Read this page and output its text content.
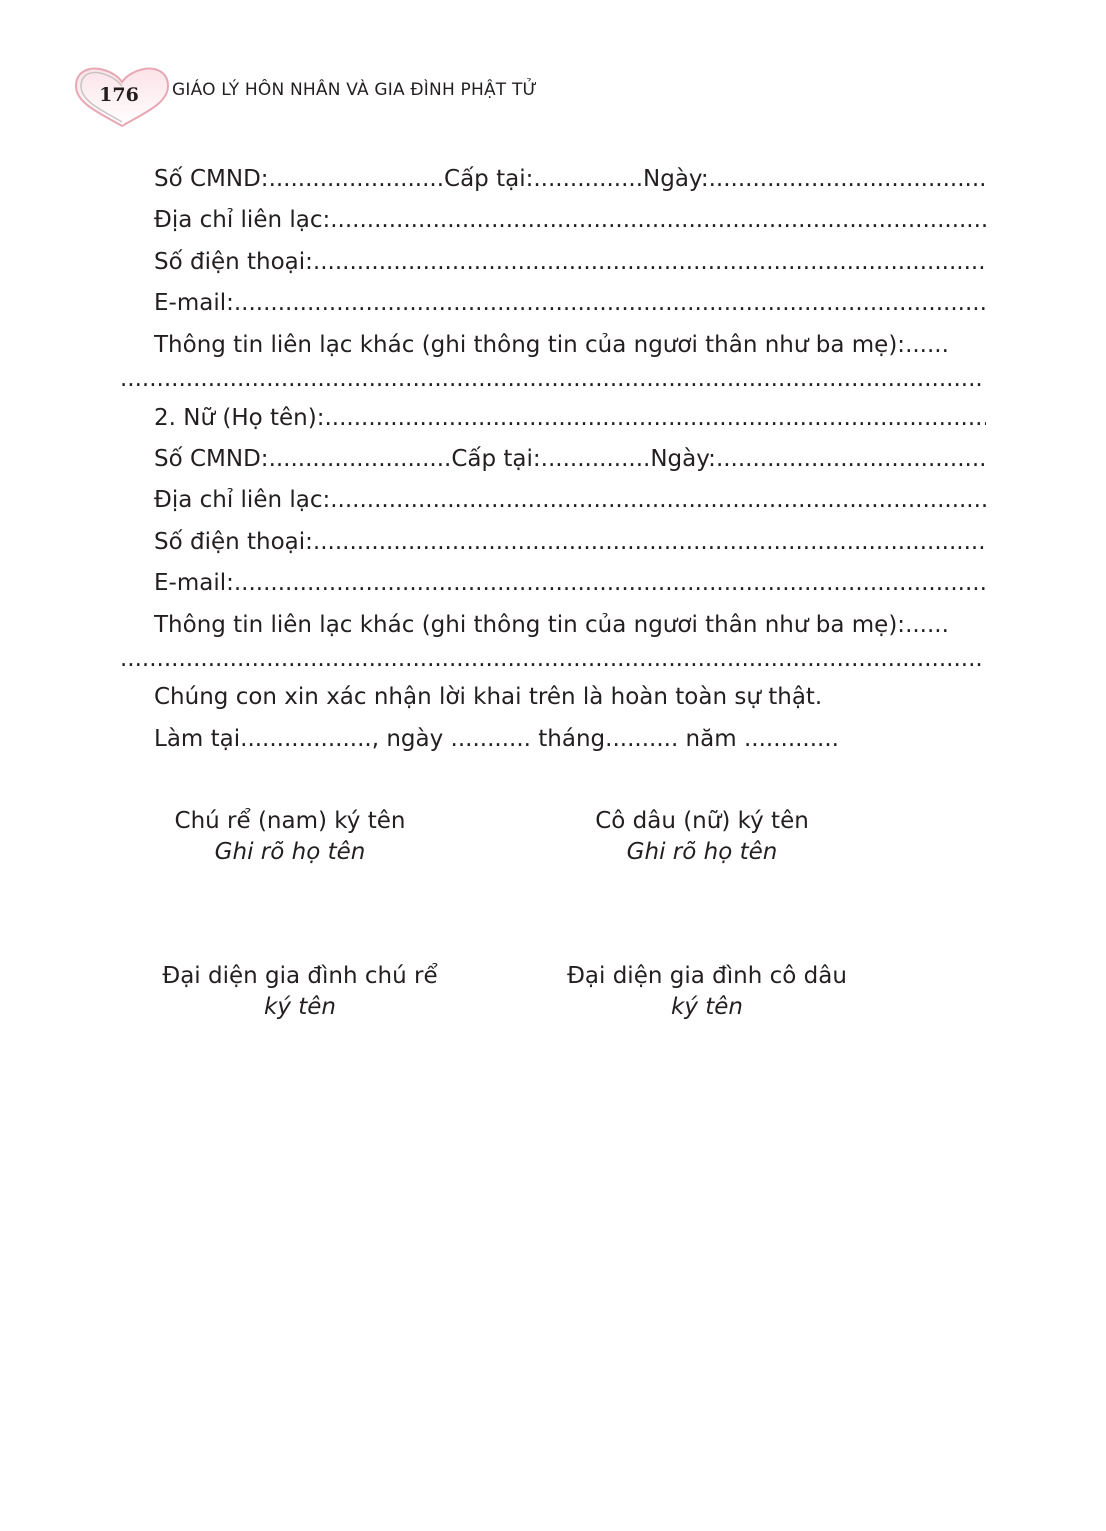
176	GIÁO LÝ HÔN NHÂN VÀ GIA ĐÌNH PHẬT TỬ
Số CMND: ........................ Cấp tại: ............... Ngày:
.....
Địa chỉ liên lạc:
.....
Số điện thoại:
.....
E-mail:
.....
Thông tin liên lạc khác (ghi thông tin của ngươi thân như ba mẹ): ......
.....
2. Nữ (Họ tên):
.....
Số CMND: ......................... Cấp tại: ............... Ngày:
.....
Địa chỉ liên lạc:
.....
Số điện thoại:
.....
E-mail:
.....
Thông tin liên lạc khác (ghi thông tin của ngươi thân như ba mẹ): ......
.....
Chúng con xin xác nhận lời khai trên là hoàn toàn sự thật.
Làm tại.................., ngày ........... tháng.......... năm .............
Chú rể (nam) ký tên
Ghi rõ họ tên
Cô dâu (nữ) ký tên
Ghi rõ họ tên
Đại diện gia đình chú rể
ký tên
Đại diện gia đình cô dâu
ký tên
